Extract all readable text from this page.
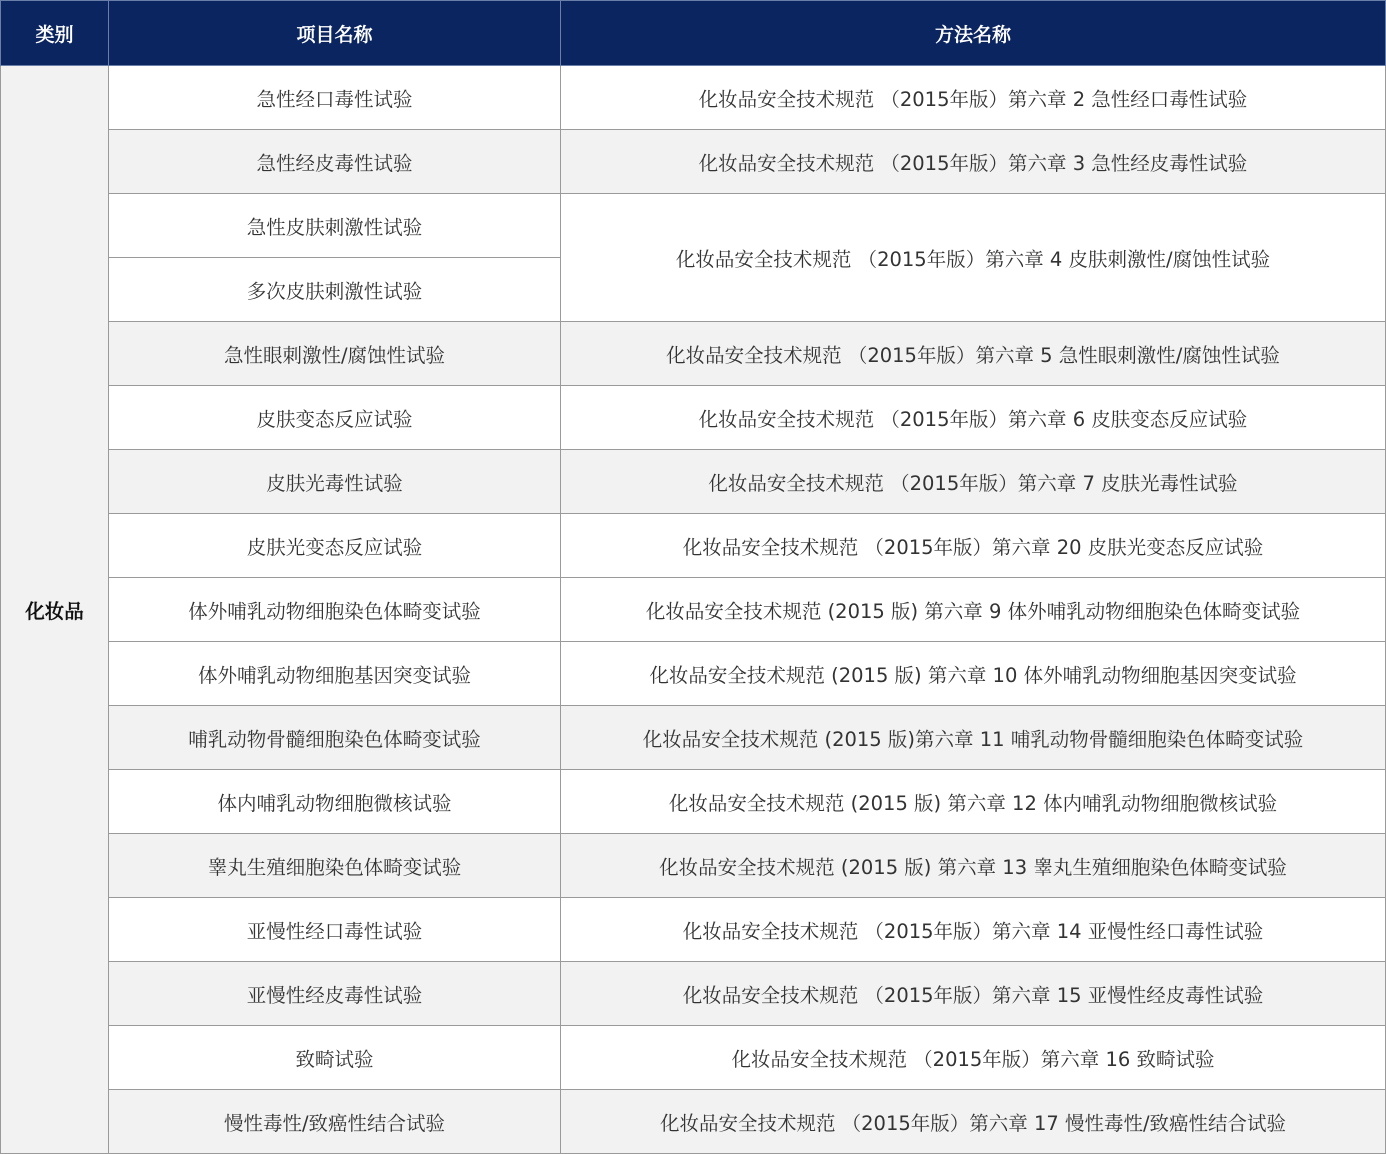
类别	项目名称	方法名称
化妆品	急性经口毒性试验	化妆品安全技术规范 （2015年版）第六章 2 急性经口毒性试验
	急性经皮毒性试验	化妆品安全技术规范 （2015年版）第六章 3 急性经皮毒性试验
	急性皮肤刺激性试验	化妆品安全技术规范 （2015年版）第六章 4 皮肤刺激性/腐蚀性试验
	多次皮肤刺激性试验	
	急性眼刺激性/腐蚀性试验	化妆品安全技术规范 （2015年版）第六章 5 急性眼刺激性/腐蚀性试验
	皮肤变态反应试验	化妆品安全技术规范 （2015年版）第六章 6 皮肤变态反应试验
	皮肤光毒性试验	化妆品安全技术规范 （2015年版）第六章 7 皮肤光毒性试验
	皮肤光变态反应试验	化妆品安全技术规范 （2015年版）第六章 20 皮肤光变态反应试验
	体外哺乳动物细胞染色体畸变试验	化妆品安全技术规范 (2015 版) 第六章 9 体外哺乳动物细胞染色体畸变试验
	体外哺乳动物细胞基因突变试验	化妆品安全技术规范 (2015 版) 第六章 10 体外哺乳动物细胞基因突变试验
	哺乳动物骨髓细胞染色体畸变试验	化妆品安全技术规范 (2015 版)第六章 11 哺乳动物骨髓细胞染色体畸变试验
	体内哺乳动物细胞微核试验	化妆品安全技术规范 (2015 版) 第六章 12 体内哺乳动物细胞微核试验
	睾丸生殖细胞染色体畸变试验	化妆品安全技术规范 (2015 版) 第六章 13 睾丸生殖细胞染色体畸变试验
	亚慢性经口毒性试验	化妆品安全技术规范 （2015年版）第六章 14 亚慢性经口毒性试验
	亚慢性经皮毒性试验	化妆品安全技术规范 （2015年版）第六章 15 亚慢性经皮毒性试验
	致畸试验	化妆品安全技术规范 （2015年版）第六章 16 致畸试验
	慢性毒性/致癌性结合试验	化妆品安全技术规范 （2015年版）第六章 17 慢性毒性/致癌性结合试验
